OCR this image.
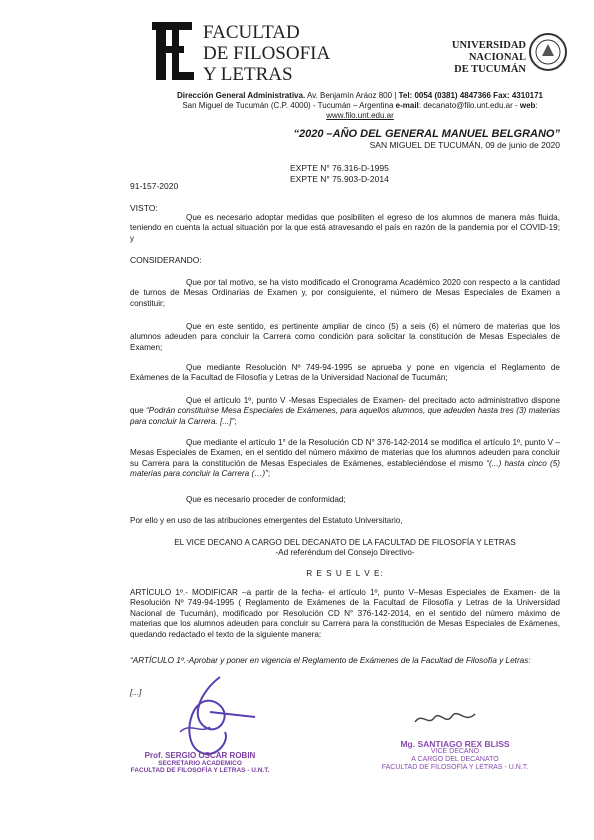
FACULTAD
DE FILOSOFIA
Y LETRAS
UNIVERSIDAD
NACIONAL
DE TUCUMÁN
Dirección General Administrativa. Av. Benjamín Aráoz 800 | Tel: 0054 (0381) 4847366 Fax: 4310171
San Miguel de Tucumán (C.P. 4000) - Tucumán – Argentina e-mail: decanato@filo.unt.edu.ar - web:
www.filo.unt.edu.ar
“2020 –AÑO DEL GENERAL MANUEL BELGRANO”
SAN MIGUEL DE TUCUMÁN, 09 de junio de 2020
EXPTE N° 76.316-D-1995
EXPTE N° 75.903-D-2014
91-157-2020
VISTO:
Que es necesario adoptar medidas que posibiliten el egreso de los alumnos de manera más fluida, teniendo en cuenta la actual situación por la que está atravesando el país en razón de la pandemia por el COVID-19; y
CONSIDERANDO:
Que por tal motivo, se ha visto modificado el Cronograma Académico 2020 con respecto a la cantidad de turnos de Mesas Ordinarias de Examen y, por consiguiente, el número de Mesas Especiales de Examen a constituir;
Que en este sentido, es pertinente ampliar de cinco (5) a seis (6) el número de materias que los alumnos adeuden para concluir la Carrera como condición para solicitar la constitución de Mesas Especiales de Examen;
Que mediante Resolución Nº 749-94-1995 se aprueba y pone en vigencia el Reglamento de Exámenes de la Facultad de Filosofía y Letras de la Universidad Nacional de Tucumán;
Que el artículo 1º, punto V -Mesas Especiales de Examen- del precitado acto administrativo dispone que “Podrán constituirse Mesa Especiales de Exámenes, para aquellos alumnos, que adeuden hasta tres (3) materias para concluir la Carrera. [...]”;
Que mediante el artículo 1° de la Resolución CD N° 376-142-2014 se modifica el artículo 1º, punto V – Mesas Especiales de Examen, en el sentido del número máximo de materias que los alumnos adeuden para concluir su Carrera para la constitución de Mesas Especiales de Exámenes, estableciéndose el mismo “(...) hasta cinco (5) materias para concluir la Carrera (…)”;
Que es necesario proceder de conformidad;
Por ello y en uso de las atribuciones emergentes del Estatuto Universitario,
EL VICE DECANO A CARGO DEL DECANATO DE LA FACULTAD DE FILOSOFÍA Y LETRAS
-Ad referéndum del Consejo Directivo-
R E S U E L V E:
ARTÍCULO 1º.- MODIFICAR –a partir de la fecha- el artículo 1º, punto V–Mesas Especiales de Examen- de la Resolución Nº 749-94-1995 ( Reglamento de Exámenes de la Facultad de Filosofía y Letras de la Universidad Nacional de Tucumán), modificado por Resolución CD N° 376-142-2014, en el sentido del número máximo de materias que los alumnos adeuden para concluir su Carrera para la constitución de Mesas Especiales de Exámenes, quedando redactado el texto de la siguiente manera:
“ARTÍCULO 1º.-Aprobar y poner en vigencia el Reglamento de Exámenes de la Facultad de Filosofía y Letras:
[...]
Prof. SERGIO OSCAR ROBIN
SECRETARIO ACADEMICO
FACULTAD DE FILOSOFÍA Y LETRAS - U.N.T.
Mg. SANTIAGO REX BLISS
VICE DECANO
A CARGO DEL DECANATO
FACULTAD DE FILOSOFÍA Y LETRAS - U.N.T.
